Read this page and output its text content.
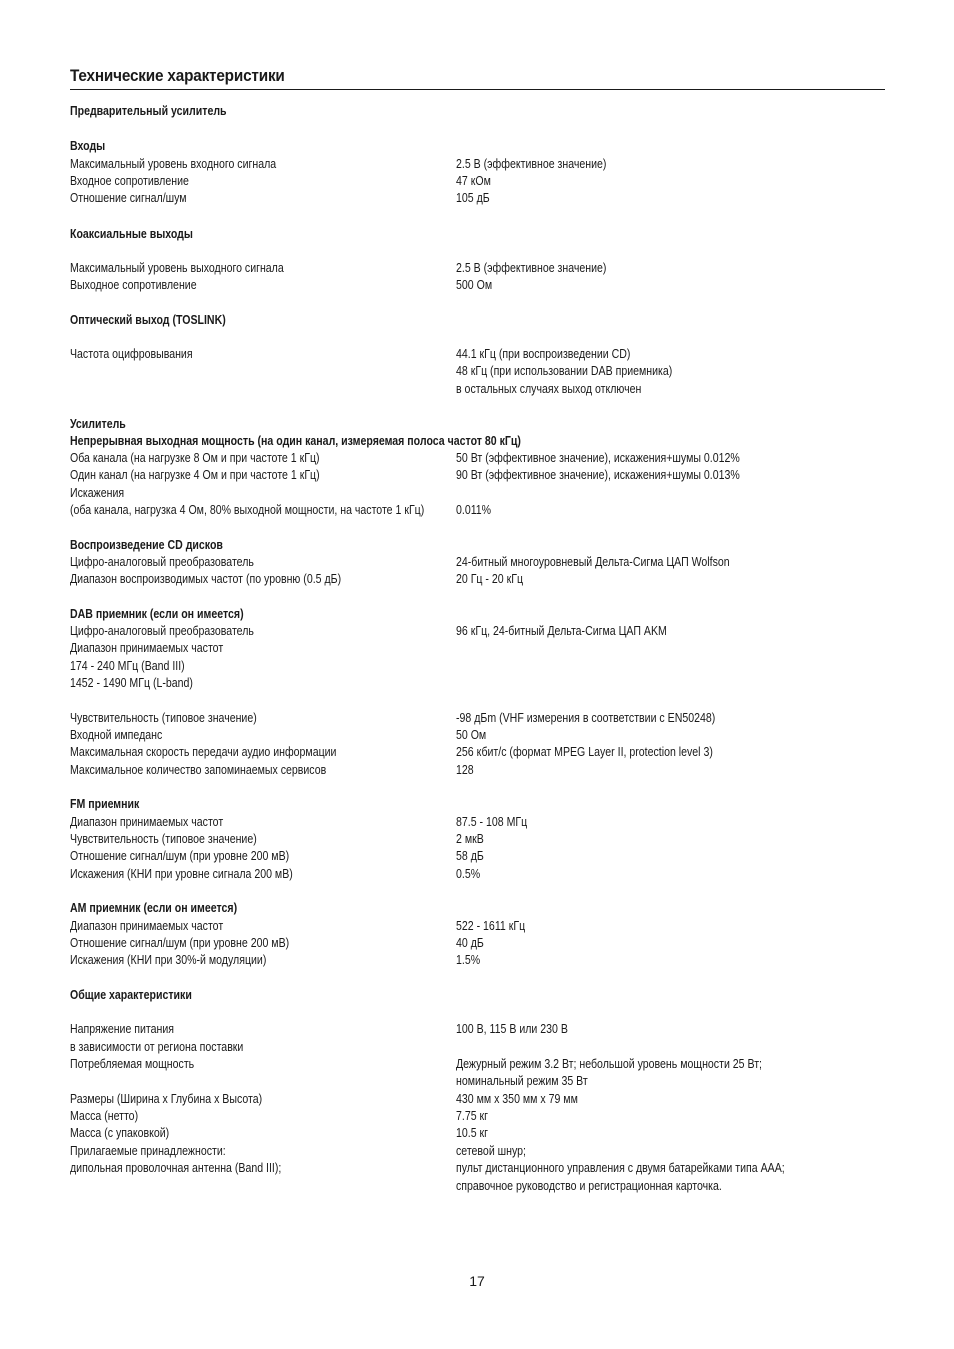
Технические характеристики
Предварительный усилитель
Входы
Максимальный уровень входного сигнала	2.5 В (эффективное значение)
Входное сопротивление	47 кОм
Отношение сигнал/шум	105 дБ
Коаксиальные выходы
Максимальный уровень выходного сигнала	2.5 В (эффективное значение)
Выходное сопротивление	500 Ом
Оптический выход (TOSLINK)
Частота оцифровывания	44.1 кГц (при воспроизведении CD)
48 кГц (при использовании DAB приемника)
в остальных случаях выход отключен
Усилитель
Непрерывная выходная мощность (на один канал, измеряемая полоса частот 80 кГц)
Оба канала (на нагрузке 8 Ом и при частоте 1 кГц)	50 Вт (эффективное значение), искажения+шумы 0.012%
Один канал (на нагрузке 4 Ом и при частоте 1 кГц)	90 Вт (эффективное значение), искажения+шумы 0.013%
Искажения
(оба канала, нагрузка 4 Ом, 80% выходной мощности, на частоте 1 кГц)	0.011%
Воспроизведение CD дисков
Цифро-аналоговый преобразователь	24-битный многоуровневый Дельта-Сигма ЦАП Wolfson
Диапазон воспроизводимых частот (по уровню (0.5 дБ)	20 Гц - 20 кГц
DAB приемник (если он имеется)
Цифро-аналоговый преобразователь	96 кГц, 24-битный Дельта-Сигма ЦАП AKM
Диапазон принимаемых частот
174 - 240 МГц (Band III)
1452 - 1490 МГц (L-band)
Чувствительность (типовое значение)	-98 дБm (VHF измерения в соответствии с EN50248)
Входной импеданс	50 Ом
Максимальная скорость передачи аудио информации	256 кбит/с (формат MPEG Layer II, protection level 3)
Максимальное количество запоминаемых сервисов	128
FM приемник
Диапазон принимаемых частот	87.5 - 108 МГц
Чувствительность (типовое значение)	2 мкВ
Отношение сигнал/шум (при уровне 200 мВ)	58 дБ
Искажения (КНИ при уровне сигнала 200 мВ)	0.5%
AM приемник (если он имеется)
Диапазон принимаемых частот	522 - 1611 кГц
Отношение сигнал/шум (при уровне 200 мВ)	40 дБ
Искажения (КНИ при 30%-й модуляции)	1.5%
Общие характеристики
Напряжение питания	100 В, 115 В или 230 В
в зависимости от региона поставки
Потребляемая мощность	Дежурный режим 3.2 Вт; небольшой уровень мощности 25 Вт;
номинальный режим 35 Вт
Размеры (Ширина x Глубина x Высота)	430 мм x 350 мм x 79 мм
Масса (нетто)	7.75 кг
Масса (с упаковкой)	10.5 кг
Прилагаемые принадлежности:	сетевой шнур;
дипольная проволочная антенна (Band III);	пульт дистанционного управления с двумя батарейками типа AAA;
справочное руководство и регистрационная карточка.
17
